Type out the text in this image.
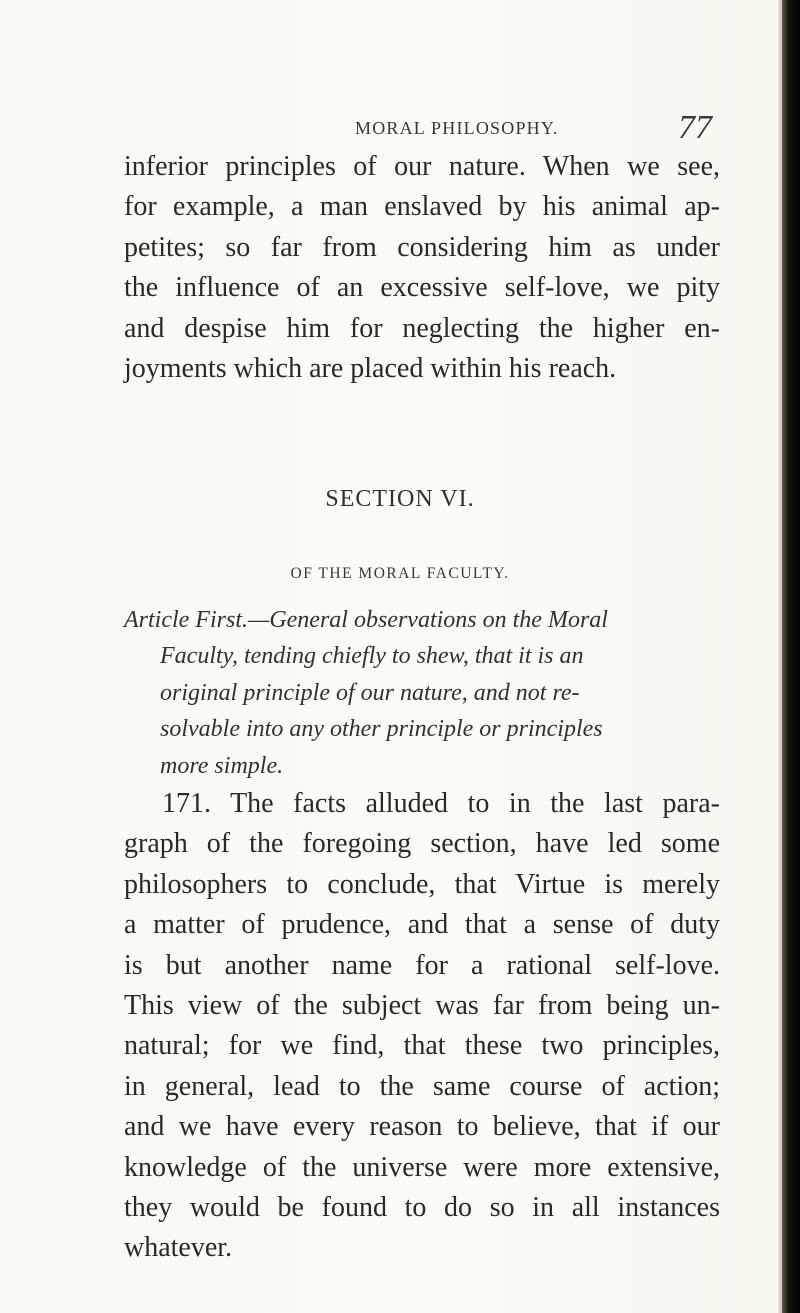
MORAL PHILOSOPHY.	77
inferior principles of our nature. When we see,
for example, a man enslaved by his animal ap-
petites; so far from considering him as under
the influence of an excessive self-love, we pity
and despise him for neglecting the higher en-
joyments which are placed within his reach.
SECTION VI.
OF THE MORAL FACULTY.
Article First.—General observations on the Moral
Faculty, tending chiefly to shew, that it is an
original principle of our nature, and not re-
solvable into any other principle or principles
more simple.
171. The facts alluded to in the last para-
graph of the foregoing section, have led some
philosophers to conclude, that Virtue is merely
a matter of prudence, and that a sense of duty
is but another name for a rational self-love.
This view of the subject was far from being un-
natural; for we find, that these two principles,
in general, lead to the same course of action;
and we have every reason to believe, that if our
knowledge of the universe were more extensive,
they would be found to do so in all instances
whatever.
